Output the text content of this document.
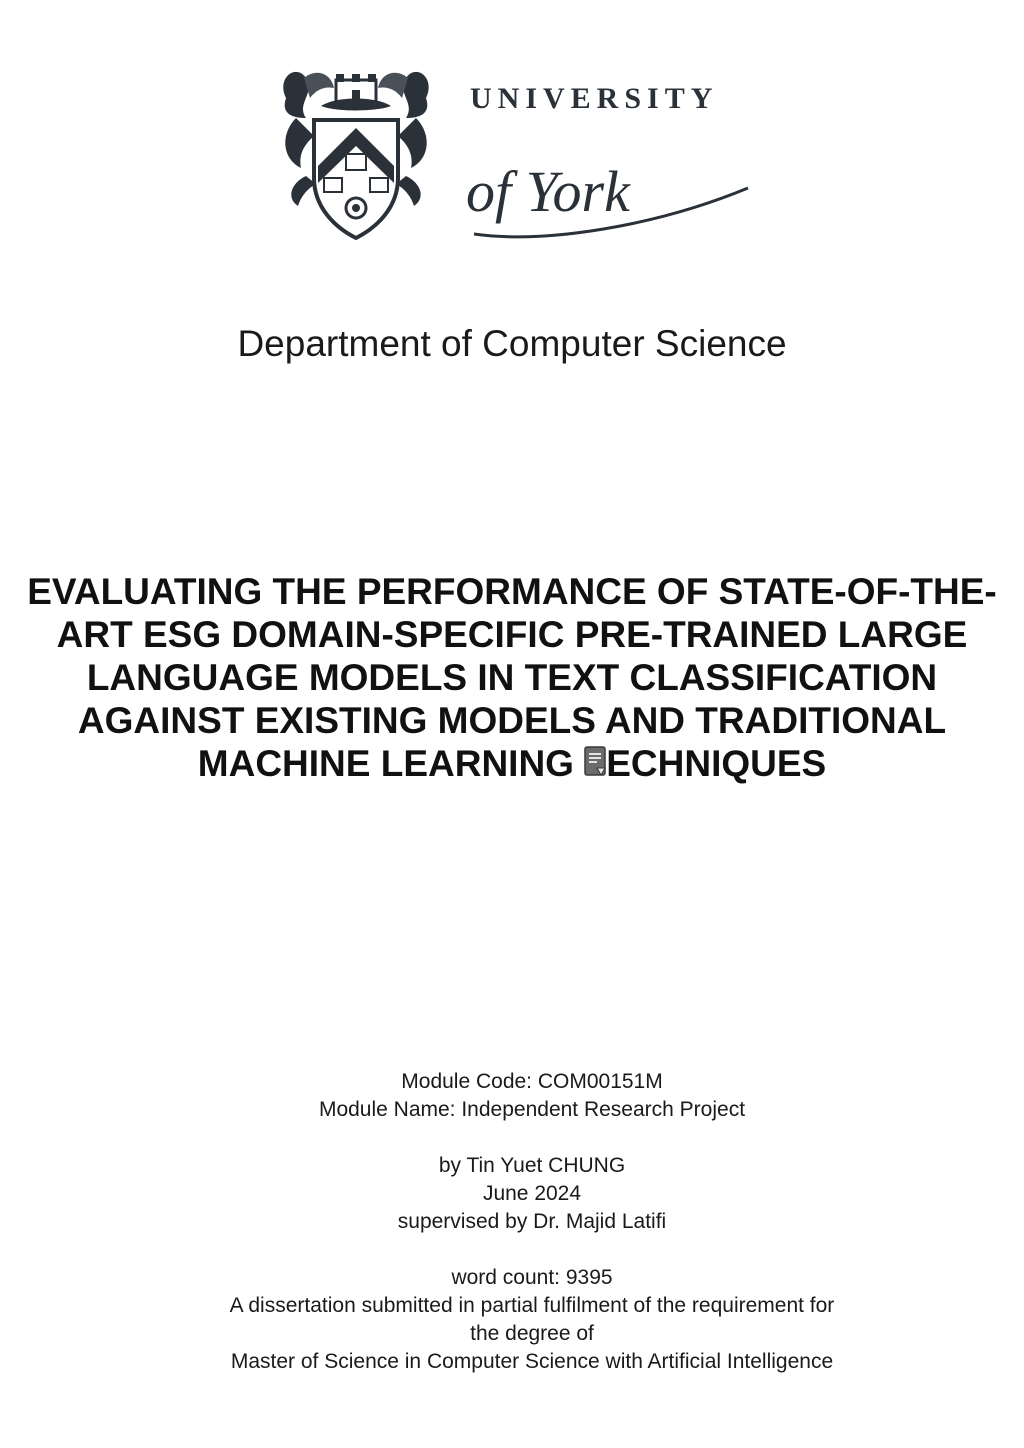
UNIVERSITY
of York
Department of Computer Science
EVALUATING THE PERFORMANCE OF STATE-OF-THE-
ART ESG DOMAIN-SPECIFIC PRE-TRAINED LARGE
LANGUAGE MODELS IN TEXT CLASSIFICATION
AGAINST EXISTING MODELS AND TRADITIONAL
MACHINE LEARNING ECHNIQUES
Module Code: COM00151M
Module Name: Independent Research Project
by Tin Yuet CHUNG
June 2024
supervised by Dr. Majid Latifi
word count: 9395
A dissertation submitted in partial fulfilment of the requirement for
the degree of
Master of Science in Computer Science with Artificial Intelligence
